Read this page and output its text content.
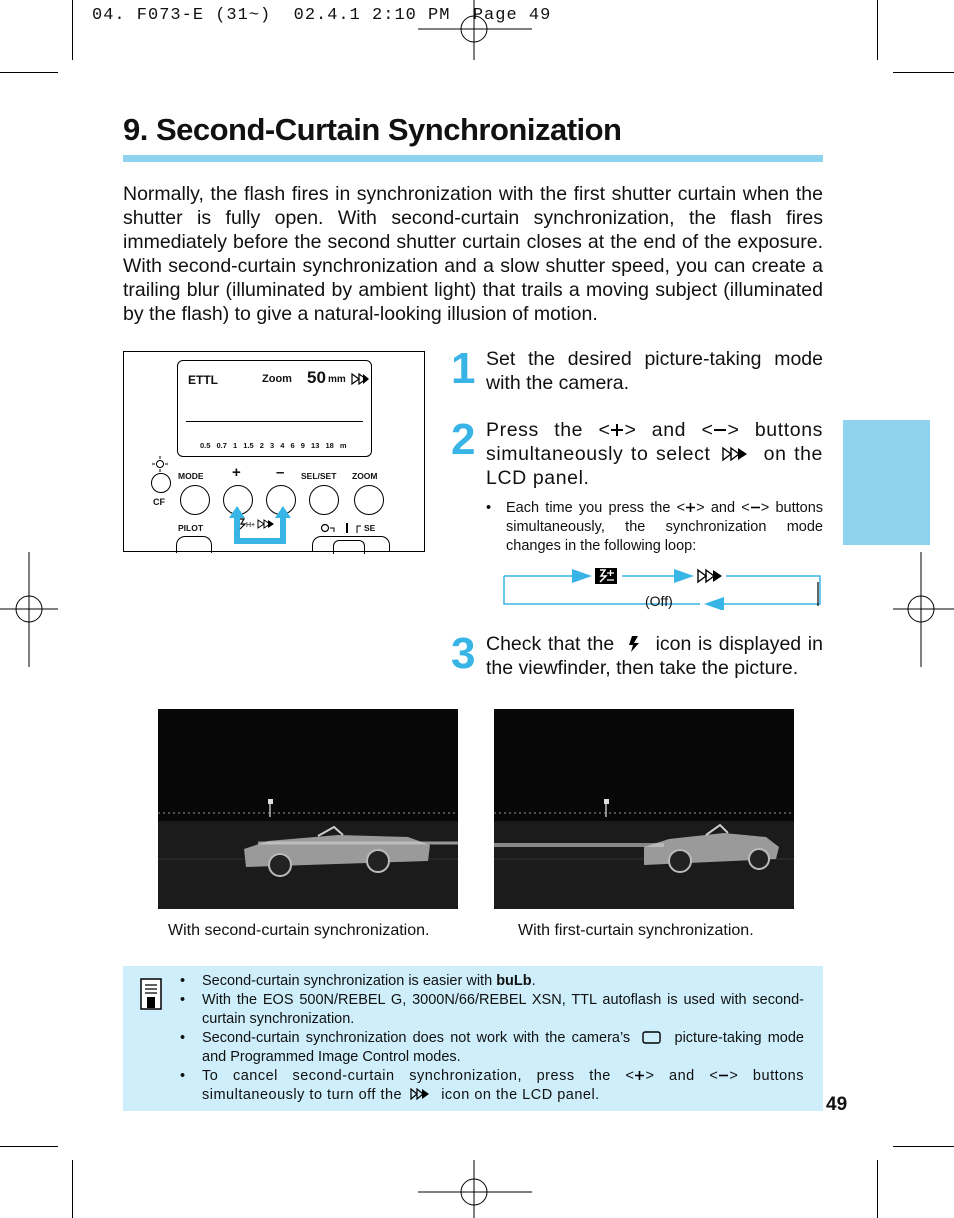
04. F073-E (31~)  02.4.1 2:10 PM  Page 49
9. Second-Curtain Synchronization
Normally, the flash fires in synchronization with the first shutter curtain when the shutter is fully open. With second-curtain synchronization, the flash fires immediately before the second shutter curtain closes at the end of the exposure. With second-curtain synchronization and a slow shutter speed, you can create a trailing blur (illuminated by ambient light) that trails a moving subject (illuminated by the flash) to give a natural-looking illusion of motion.
ETTL	Zoom 50 mm
0.5 0.7 1 1.5 2 3 4 6 9 13 18 m
CF
MODE + – SEL/SET ZOOM
H+
PILOT	SE
1 Set the desired picture-taking mode with the camera.
2 Press the < > and < > buttons simultaneously to select	on the LCD panel.
• Each time you press the < > and < > buttons simultaneously, the synchronization mode changes in the following loop:
(Off)
3 Check that the icon is displayed in the viewfinder, then take the picture.
With second-curtain synchronization.	With first-curtain synchronization.
• Second-curtain synchronization is easier with buLb.
• With the EOS 500N/REBEL G, 3000N/66/REBEL XSN, TTL autoflash is used with second-curtain synchronization.
• Second-curtain synchronization does not work with the camera’s	picture-taking mode and Programmed Image Control modes.
• To cancel second-curtain synchronization, press the < > and < > buttons simultaneously to turn off the	icon on the LCD panel.	49
